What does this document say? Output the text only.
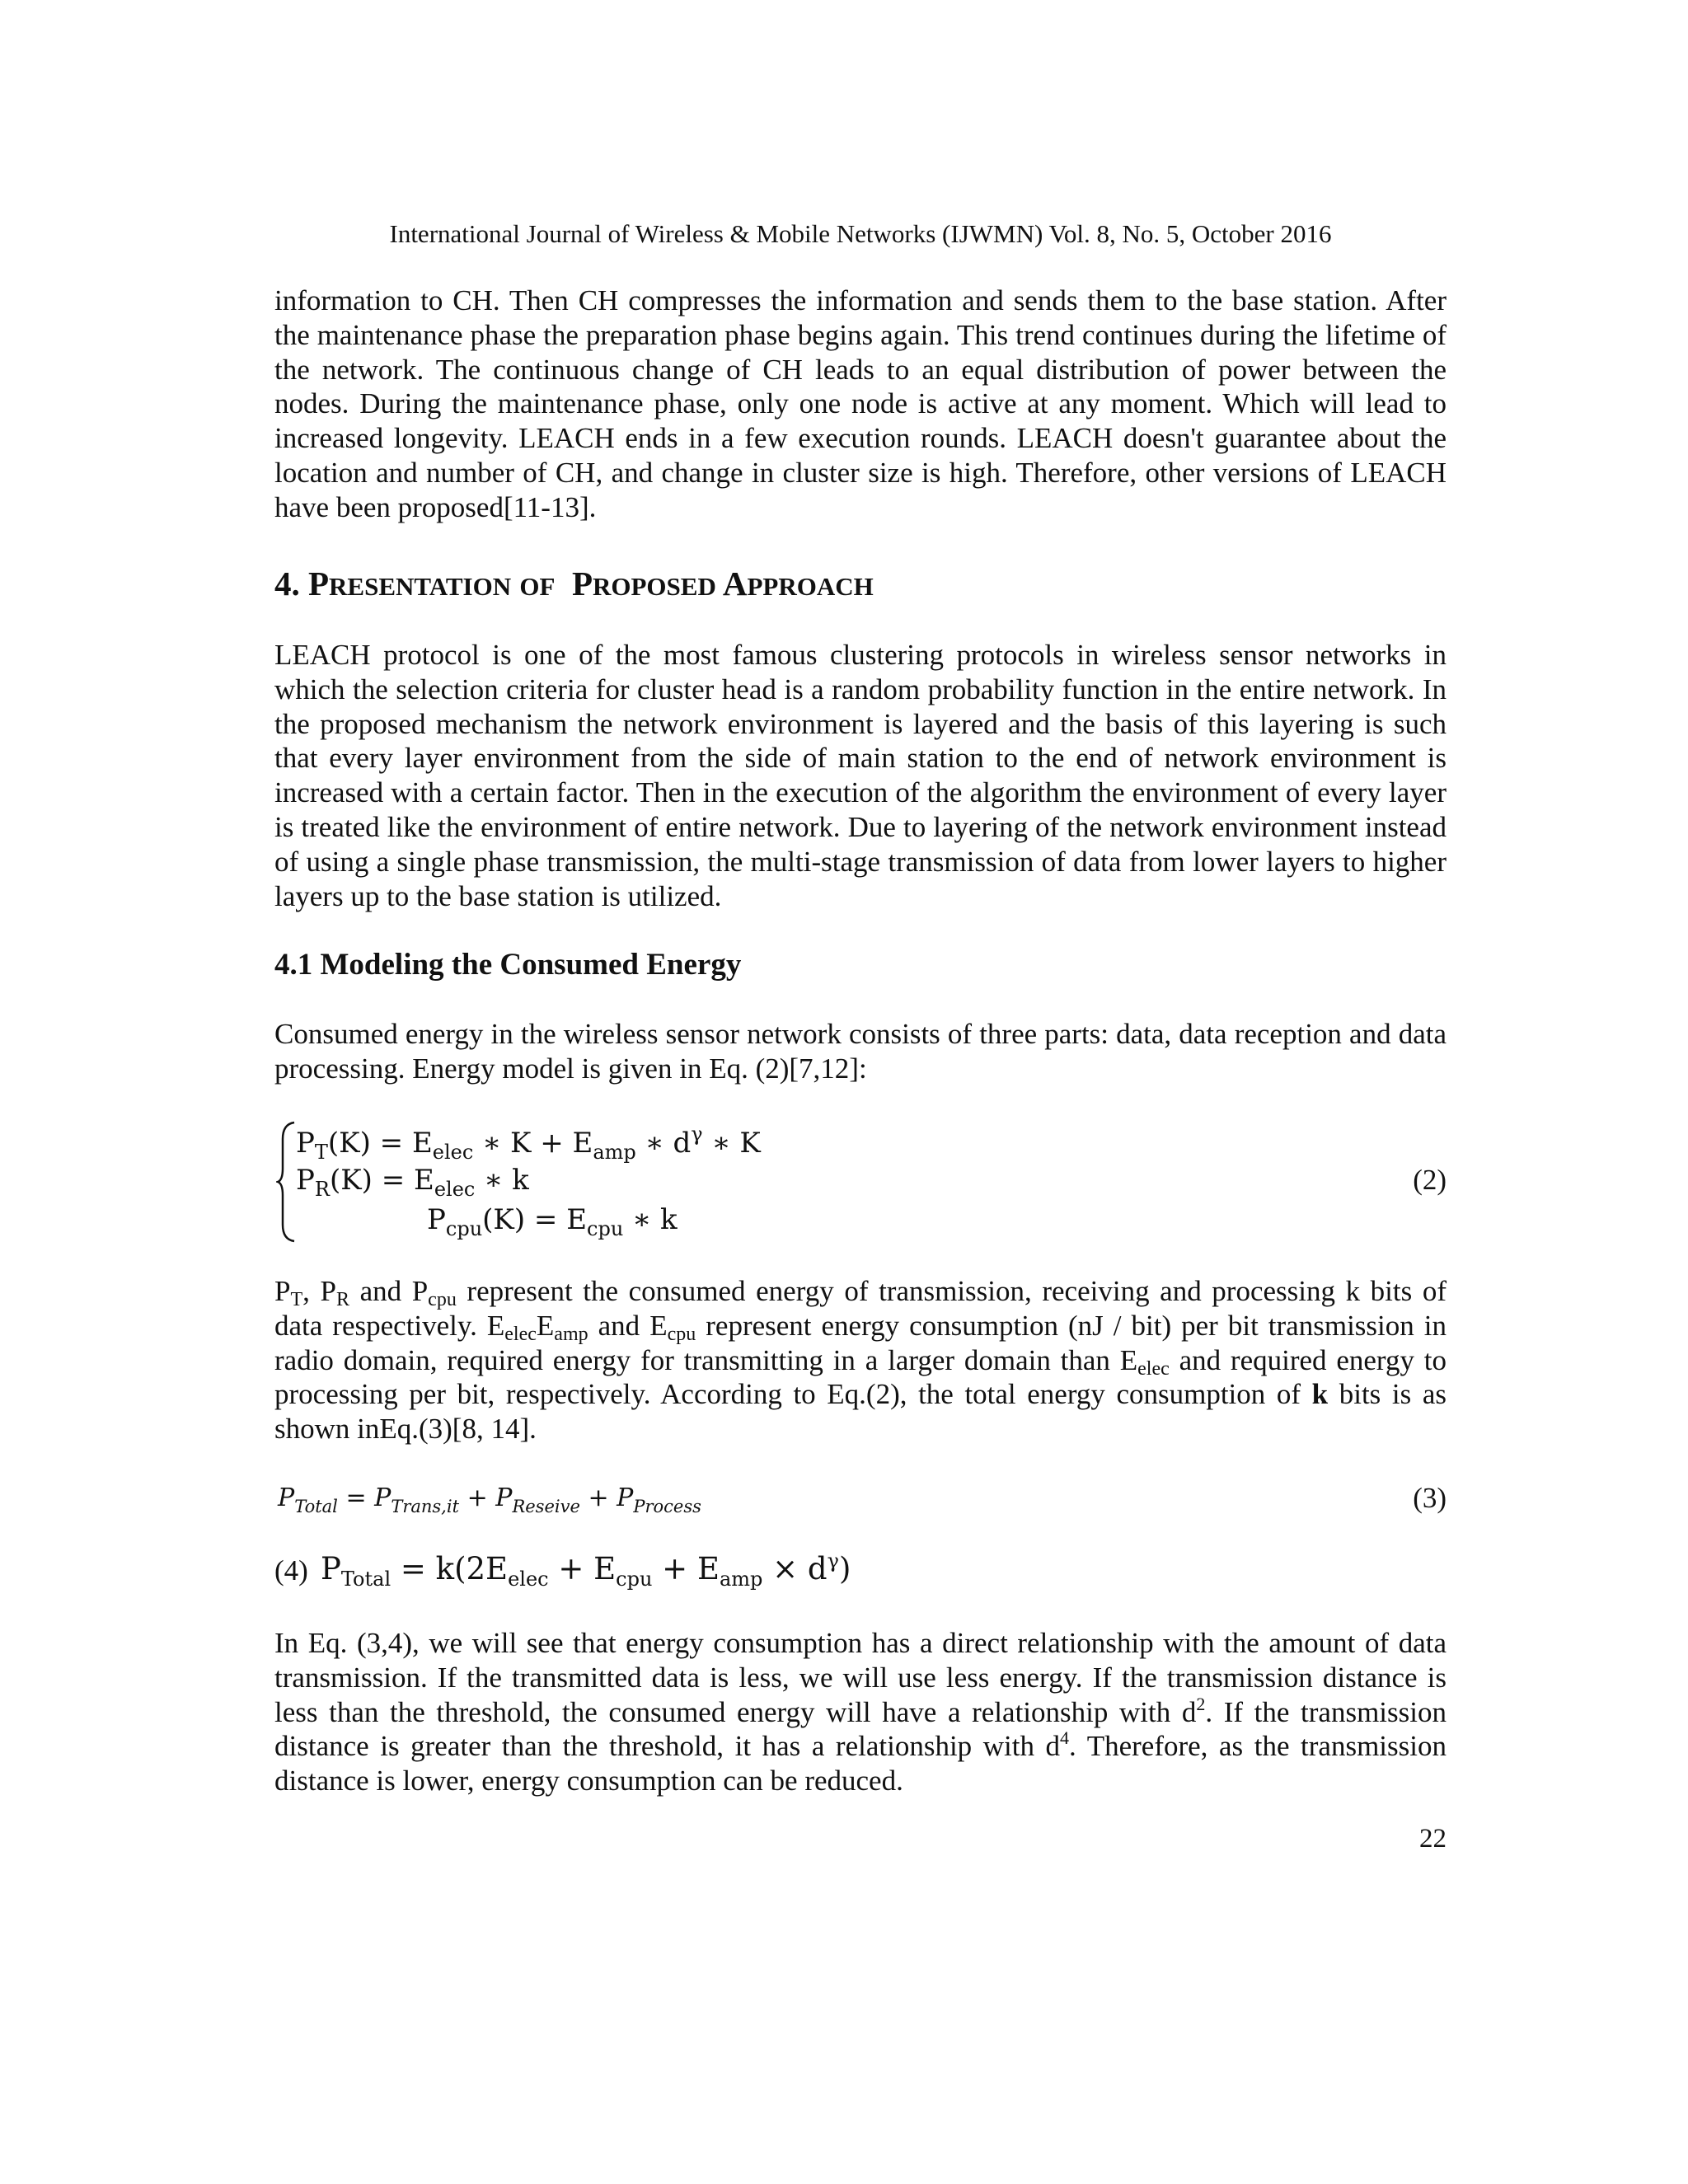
International Journal of Wireless & Mobile Networks (IJWMN) Vol. 8, No. 5, October 2016

information to CH. Then CH compresses the information and sends them to the base station. After the maintenance phase the preparation phase begins again. This trend continues during the lifetime of the network. The continuous change of CH leads to an equal distribution of power between the nodes. During the maintenance phase, only one node is active at any moment. Which will lead to increased longevity. LEACH ends in a few execution rounds. LEACH doesn't guarantee about the location and number of CH, and change in cluster size is high. Therefore, other versions of LEACH have been proposed[11-13].

4. PRESENTATION OF PROPOSED APPROACH

LEACH protocol is one of the most famous clustering protocols in wireless sensor networks in which the selection criteria for cluster head is a random probability function in the entire network. In the proposed mechanism the network environment is layered and the basis of this layering is such that every layer environment from the side of main station to the end of network environment is increased with a certain factor. Then in the execution of the algorithm the environment of every layer is treated like the environment of entire network. Due to layering of the network environment instead of using a single phase transmission, the multi-stage transmission of data from lower layers to higher layers up to the base station is utilized.

4.1 Modeling the Consumed Energy

Consumed energy in the wireless sensor network consists of three parts: data, data reception and data processing. Energy model is given in Eq. (2)[7,12]:

$P_T(K) = E_{elec}$ ∗ $K + E_{amp}$ ∗ $d^\gamma$ ∗ K
$P_R(K) = E_{elec}$ ∗ k
$P_{cpu}(K) = E_{cpu}$ ∗ k
(2)

$P_T$, $P_R$ and $P_{cpu}$ represent the consumed energy of transmission, receiving and processing k bits of data respectively. $E_{elec}E_{amp}$ and $E_{cpu}$ represent energy consumption (nJ / bit) per bit transmission in radio domain, required energy for transmitting in a larger domain than $E_{elec}$ and required energy to processing per bit, respectively. According to Eq.(2), the total energy consumption of k bits is as shown inEq.(3)[8, 14].

$P_{Total} = P_{Trans,it} + P_{Reseive} + P_{Process}$	(3)
(4) $P_{Total} = k(2E_{elec} + E_{cpu} + E_{amp} \times d^\gamma)$

In Eq. (3,4), we will see that energy consumption has a direct relationship with the amount of data transmission. If the transmitted data is less, we will use less energy. If the transmission distance is less than the threshold, the consumed energy will have a relationship with $d^2$. If the transmission distance is greater than the threshold, it has a relationship with $d^4$. Therefore, as the transmission distance is lower, energy consumption can be reduced.

22
